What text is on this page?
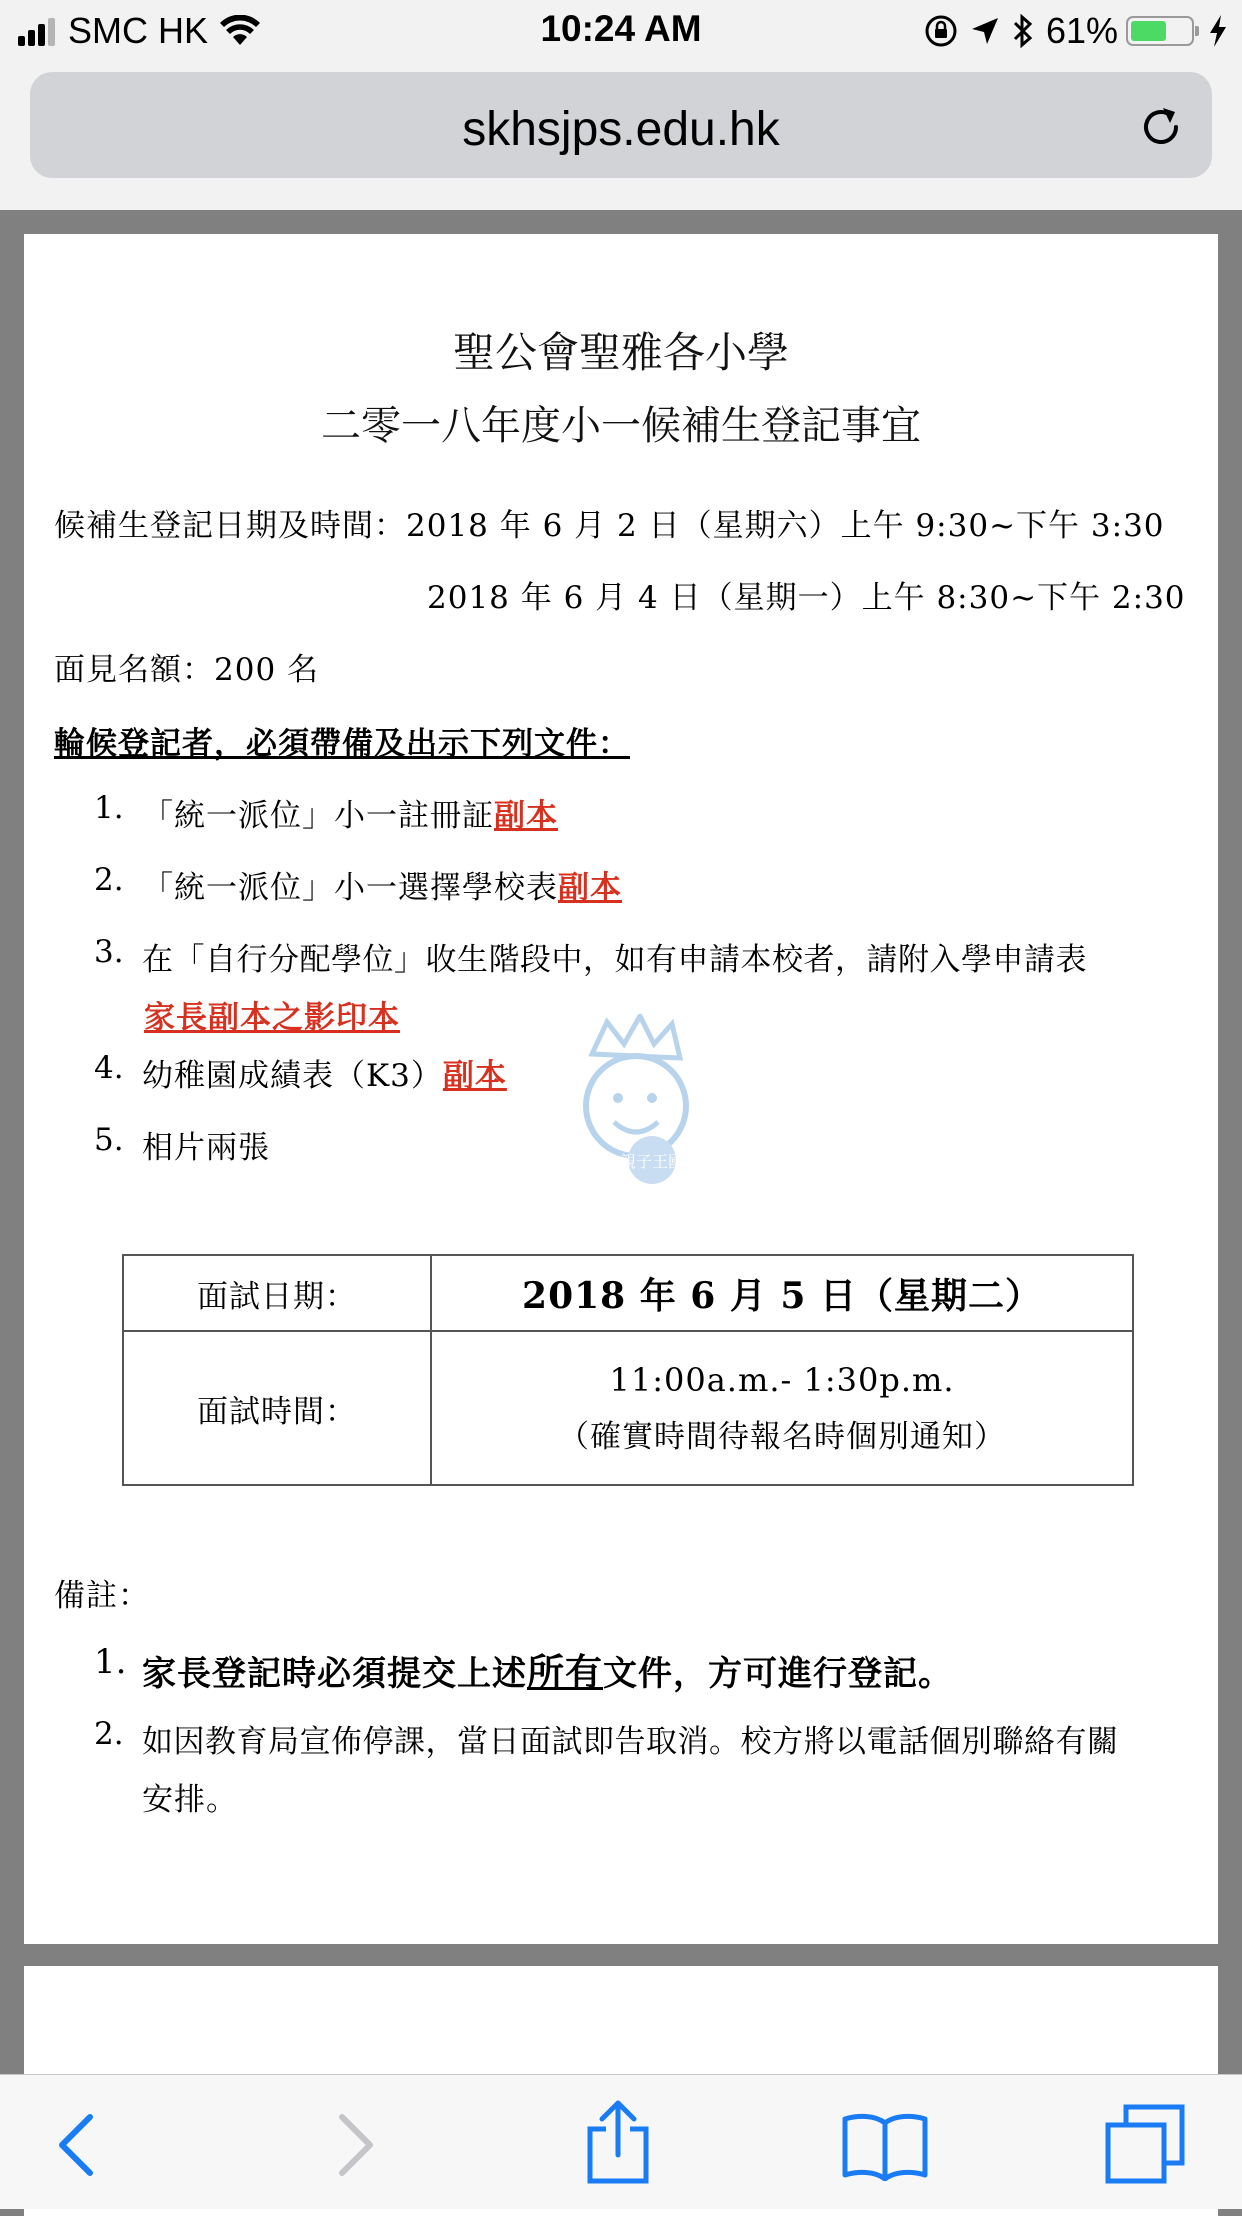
SMC HK	10:24 AM	61%
skhsjps.edu.hk
聖公會聖雅各小學
二零一八年度小一候補生登記事宜
候補生登記日期及時間：2018 年 6 月 2 日（星期六）上午 9:30~下午 3:30
2018 年 6 月 4 日（星期一）上午 8:30~下午 2:30
面見名額：200 名
輪候登記者，必須帶備及出示下列文件：
1. 「統一派位」小一註冊証副本
2. 「統一派位」小一選擇學校表副本
3. 在「自行分配學位」收生階段中，如有申請本校者，請附入學申請表
家長副本之影印本
4. 幼稚園成績表（K3）副本
5. 相片兩張	親子王國
面試日期：	2018 年 6 月 5 日（星期二）
面試時間：	11:00a.m.- 1:30p.m.
（確實時間待報名時個別通知）
備註：
1. 家長登記時必須提交上述所有文件，方可進行登記。
2. 如因教育局宣佈停課，當日面試即告取消。校方將以電話個別聯絡有關
安排。
